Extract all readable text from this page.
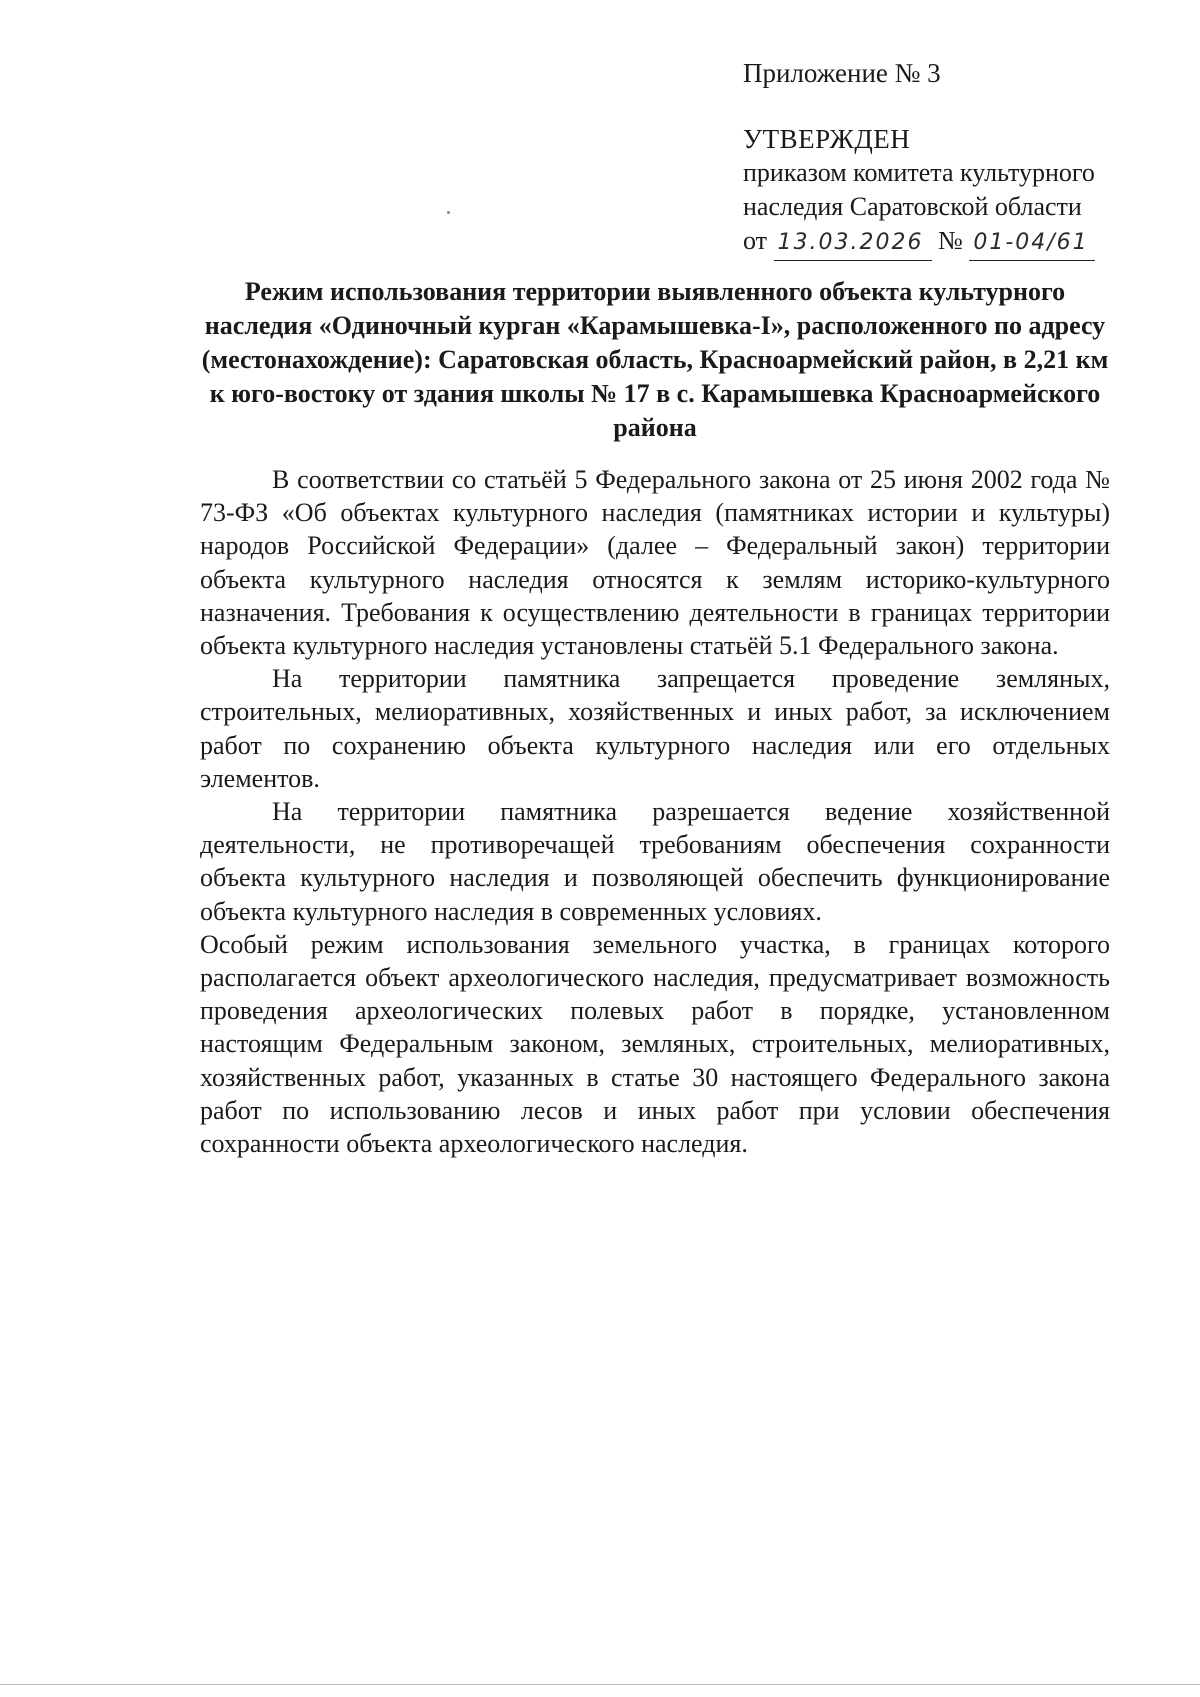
Приложение № 3

УТВЕРЖДЕН

приказом комитета культурного

наследия Саратовской области

от 13.03.2026 № 01-04/61

Режим использования территории выявленного объекта культурного наследия «Одиночный курган «Карамышевка-I», расположенного по адресу (местонахождение): Саратовская область, Красноармейский район, в 2,21 км к юго-востоку от здания школы № 17 в с. Карамышевка Красноармейского района

В соответствии со статьёй 5 Федерального закона от 25 июня 2002 года № 73-ФЗ «Об объектах культурного наследия (памятниках истории и культуры) народов Российской Федерации» (далее – Федеральный закон) территории объекта культурного наследия относятся к землям историко-культурного назначения. Требования к осуществлению деятельности в границах территории объекта культурного наследия установлены статьёй 5.1 Федерального закона.

На территории памятника запрещается проведение земляных, строительных, мелиоративных, хозяйственных и иных работ, за исключением работ по сохранению объекта культурного наследия или его отдельных элементов.

На территории памятника разрешается ведение хозяйственной деятельности, не противоречащей требованиям обеспечения сохранности объекта культурного наследия и позволяющей обеспечить функционирование объекта культурного наследия в современных условиях.

Особый режим использования земельного участка, в границах которого располагается объект археологического наследия, предусматривает возможность проведения археологических полевых работ в порядке, установленном настоящим Федеральным законом, земляных, строительных, мелиоративных, хозяйственных работ, указанных в статье 30 настоящего Федерального закона работ по использованию лесов и иных работ при условии обеспечения сохранности объекта археологического наследия.
